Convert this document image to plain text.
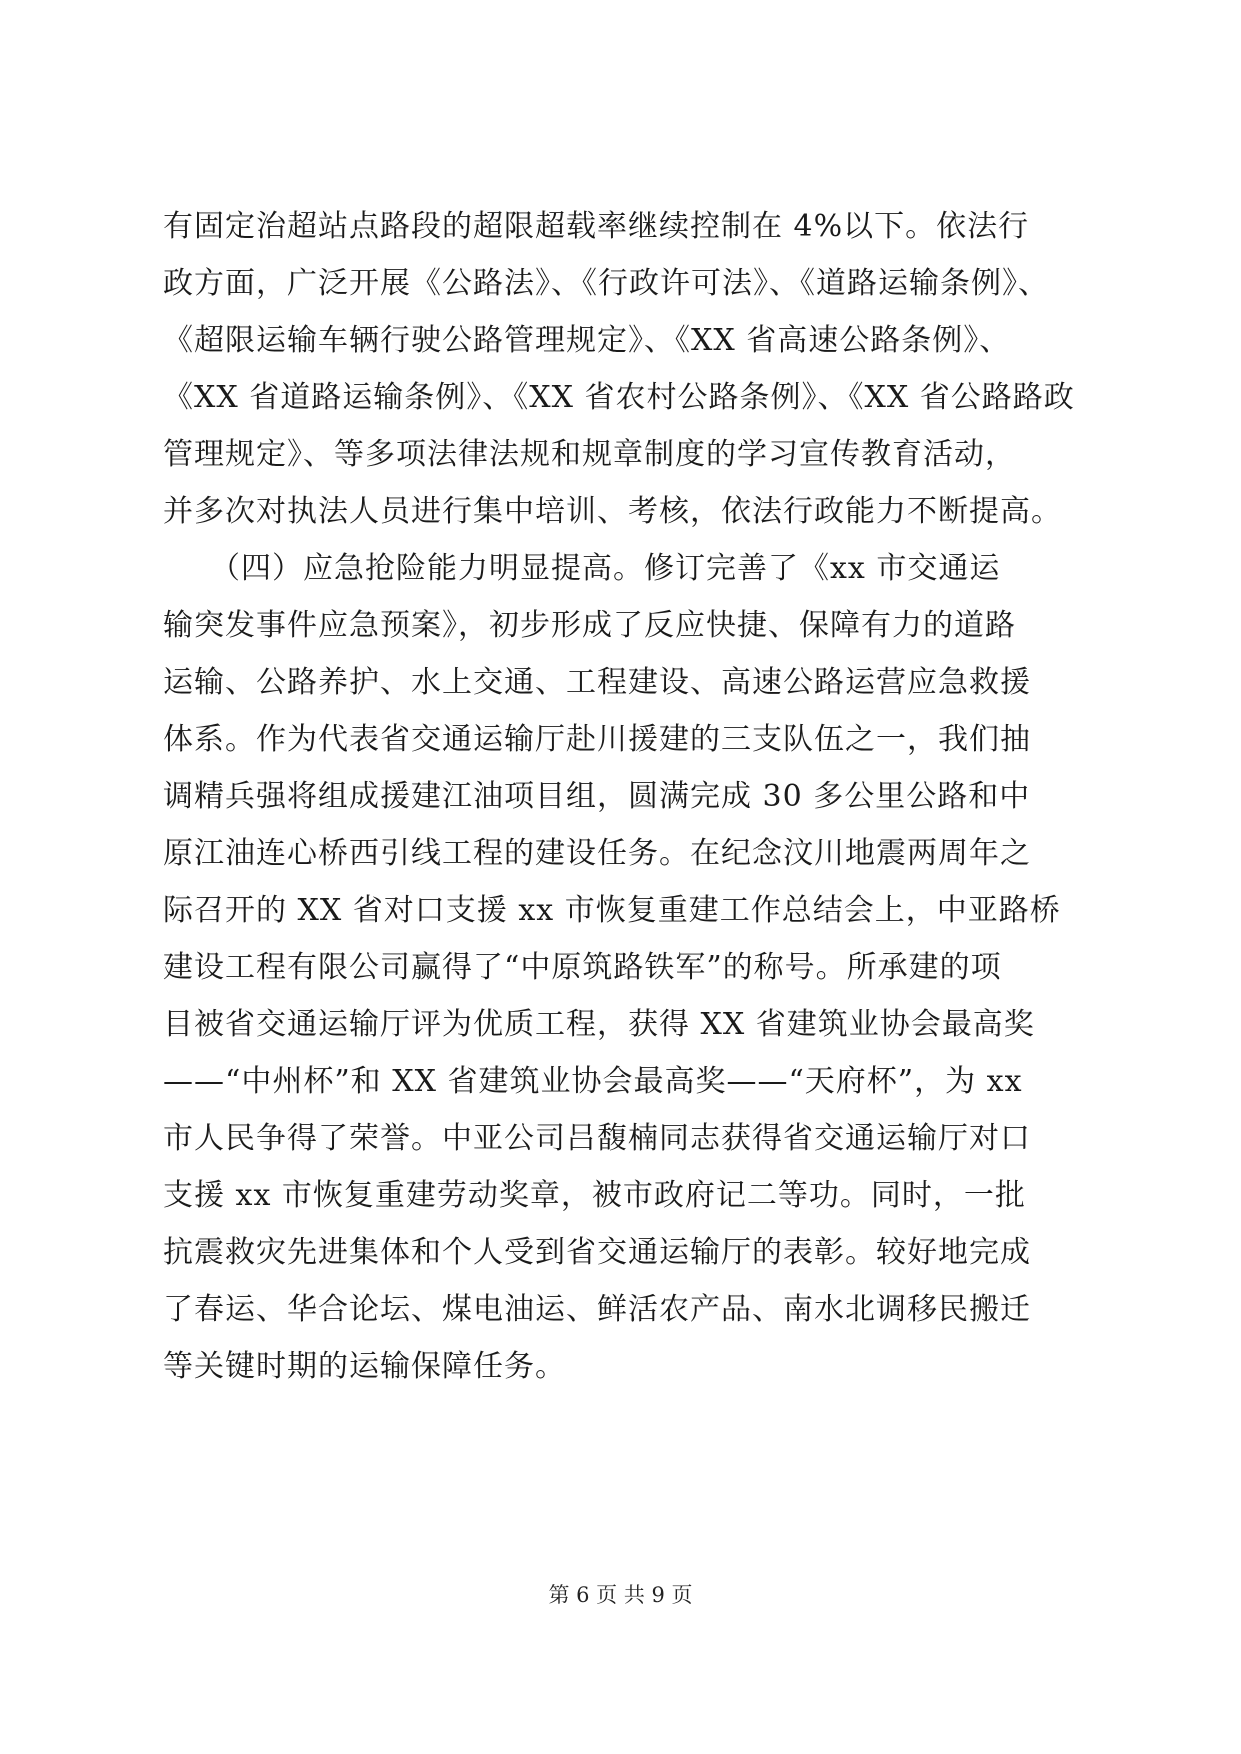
有固定治超站点路段的超限超载率继续控制在 4%以下。依法行
政方面，广泛开展《公路法》、《行政许可法》、《道路运输条例》、
《超限运输车辆行驶公路管理规定》、《XX 省高速公路条例》、
《XX 省道路运输条例》、《XX 省农村公路条例》、《XX 省公路路政
管理规定》、等多项法律法规和规章制度的学习宣传教育活动，
并多次对执法人员进行集中培训、考核，依法行政能力不断提高。
　　（四）应急抢险能力明显提高。修订完善了《xx 市交通运
输突发事件应急预案》，初步形成了反应快捷、保障有力的道路
运输、公路养护、水上交通、工程建设、高速公路运营应急救援
体系。作为代表省交通运输厅赴川援建的三支队伍之一，我们抽
调精兵强将组成援建江油项目组，圆满完成 30 多公里公路和中
原江油连心桥西引线工程的建设任务。在纪念汶川地震两周年之
际召开的 XX 省对口支援 xx 市恢复重建工作总结会上，中亚路桥
建设工程有限公司赢得了“中原筑路铁军”的称号。所承建的项
目被省交通运输厅评为优质工程，获得 XX 省建筑业协会最高奖
——“中州杯”和 XX 省建筑业协会最高奖——“天府杯”，为 xx
市人民争得了荣誉。中亚公司吕馥楠同志获得省交通运输厅对口
支援 xx 市恢复重建劳动奖章，被市政府记二等功。同时，一批
抗震救灾先进集体和个人受到省交通运输厅的表彰。较好地完成
了春运、华合论坛、煤电油运、鲜活农产品、南水北调移民搬迁
等关键时期的运输保障任务。
第 6 页 共 9 页
